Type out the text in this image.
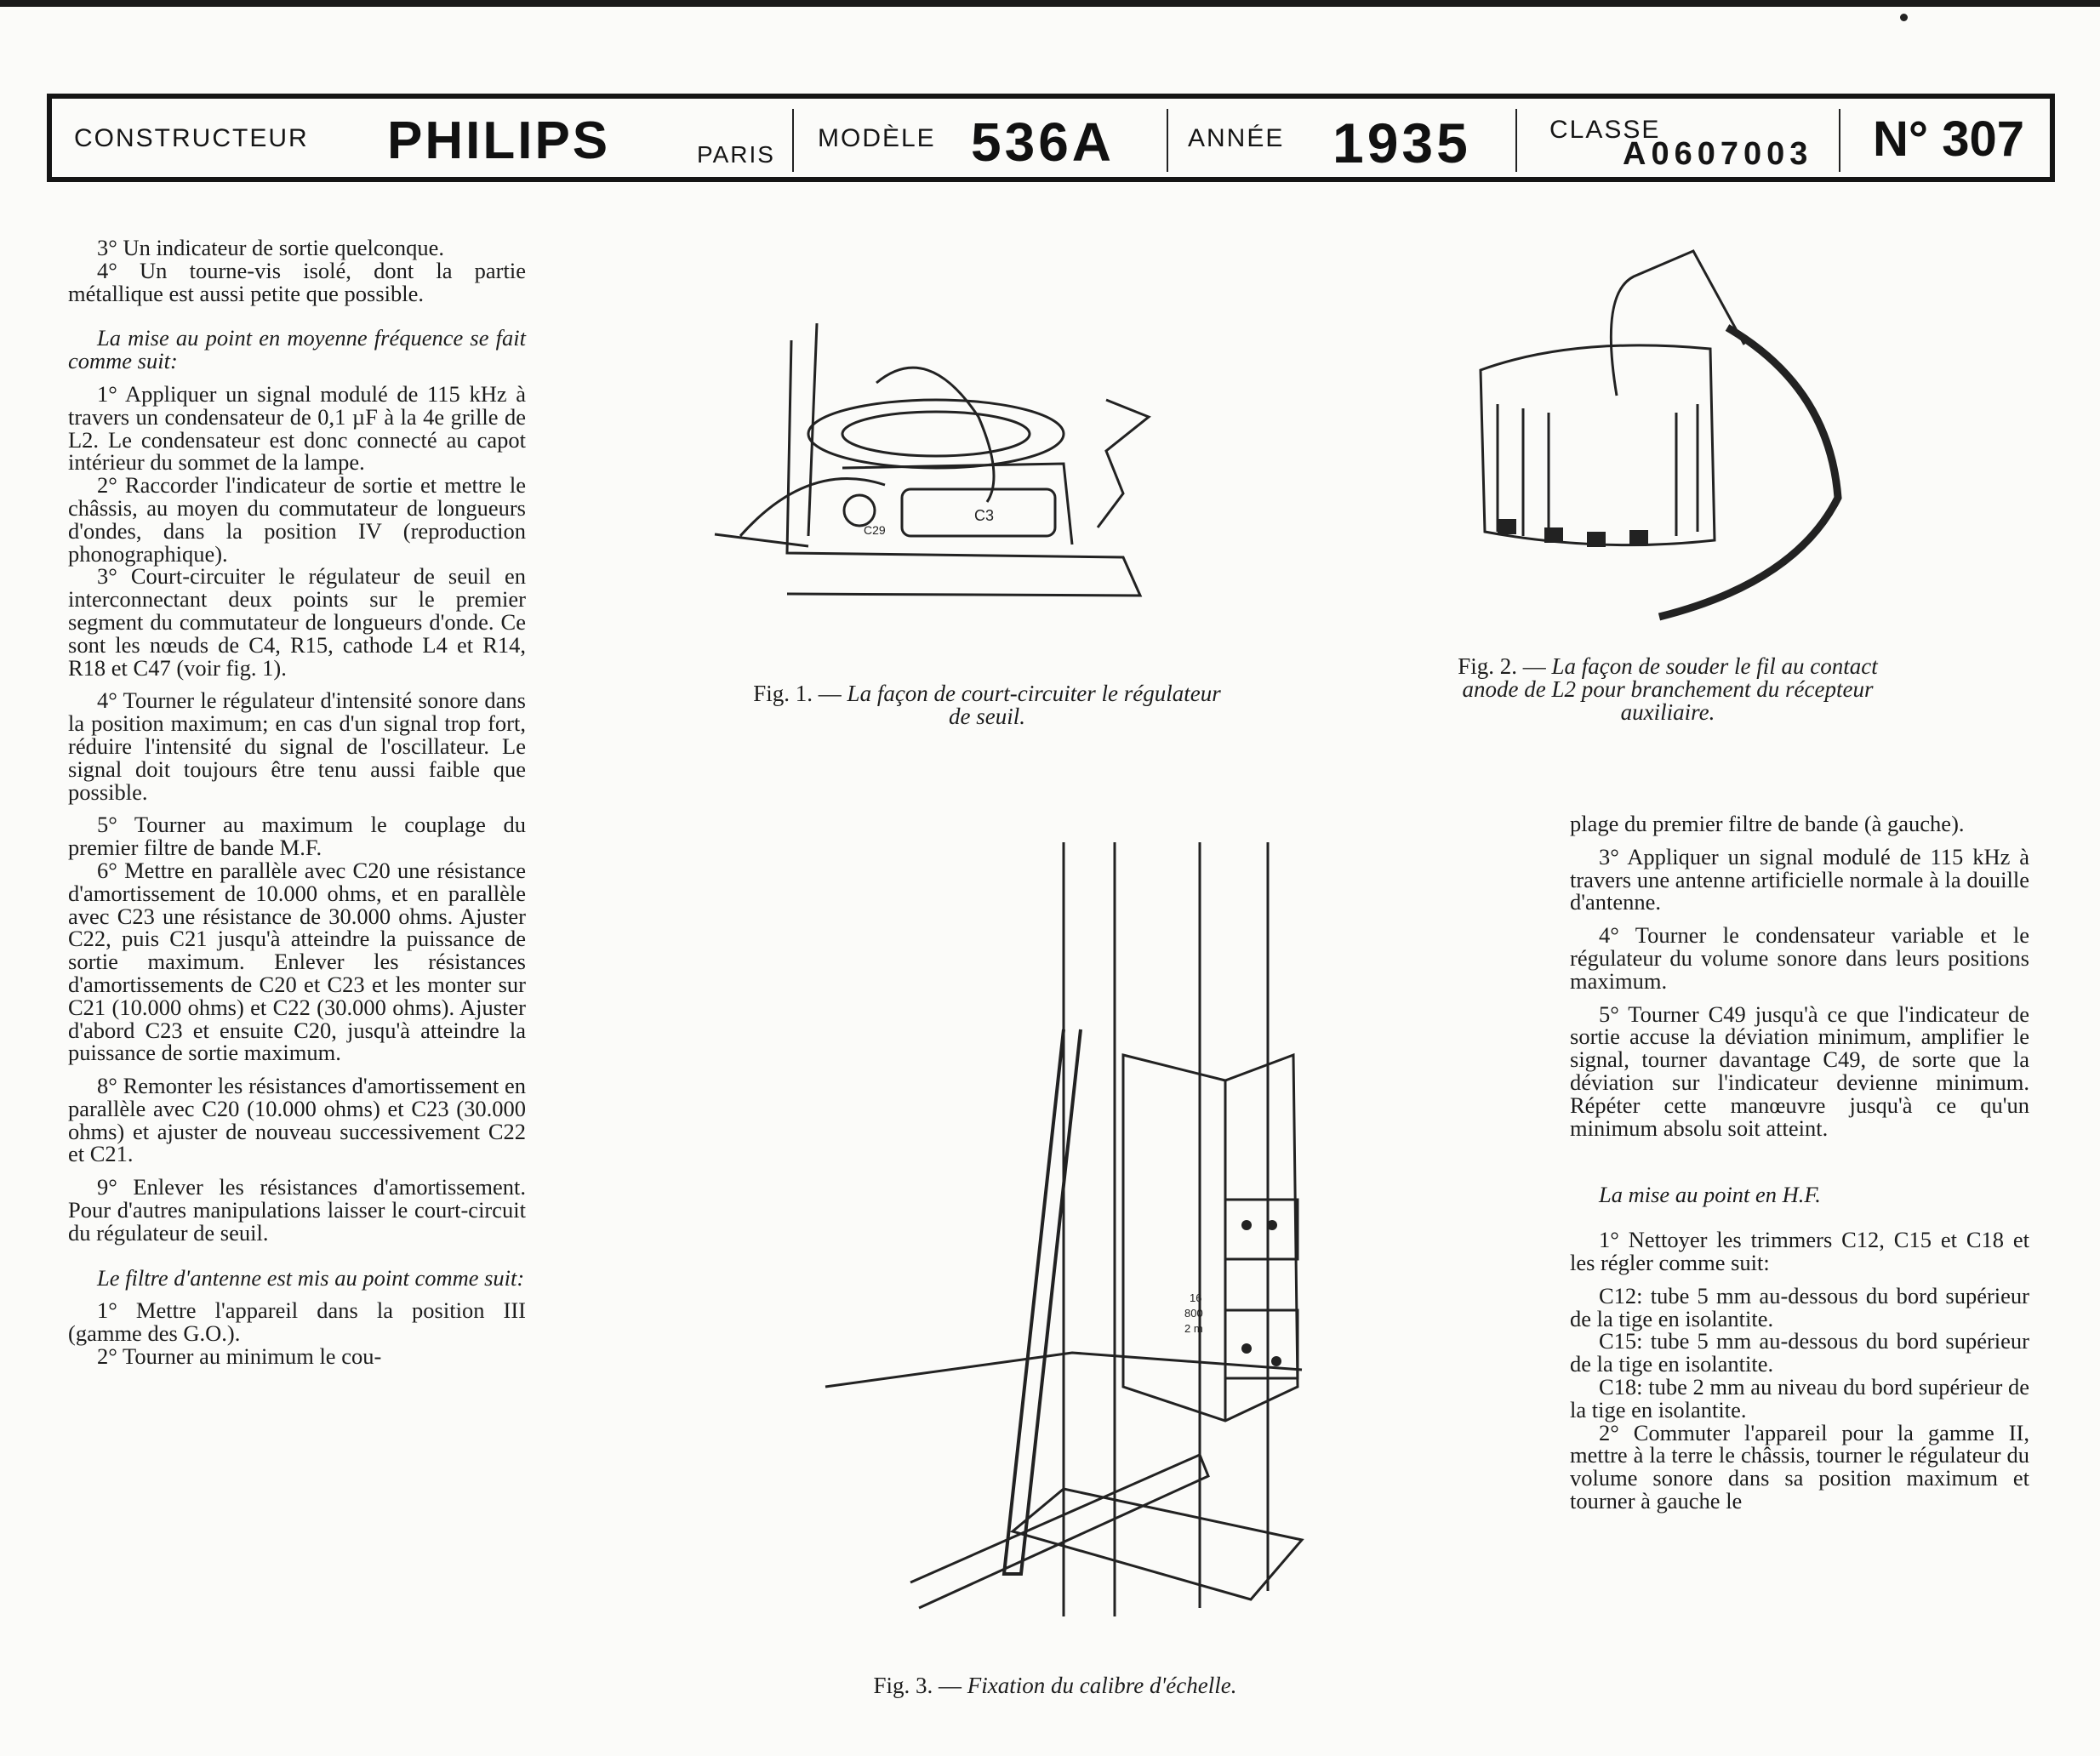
CONSTRUCTEUR PHILIPS	PARIS
MODÈLE 536A	ANNÉE 1935	CLASSE
A0607003 N° 307

3° Un indicateur de sortie quelconque.

4° Un tourne-vis isolé, dont la partie métallique est aussi petite que possible.

La mise au point en moyenne fréquence se fait comme suit:

1° Appliquer un signal modulé de 115 kHz à travers un condensateur de 0,1 µF à la 4e grille de L2. Le condensateur est donc connecté au capot intérieur du sommet de la lampe.

2° Raccorder l'indicateur de sortie et mettre le châssis, au moyen du commutateur de longueurs d'ondes, dans la position IV (reproduction phonographique).

3° Court-circuiter le régulateur de seuil en interconnectant deux points sur le premier segment du commutateur de longueurs d'onde. Ce sont les nœuds de C4, R15, cathode L4 et R14, R18 et C47 (voir fig. 1).

4° Tourner le régulateur d'intensité sonore dans la position maximum; en cas d'un signal trop fort, réduire l'intensité du signal de l'oscillateur. Le signal doit toujours être tenu aussi faible que possible.

5° Tourner au maximum le couplage du premier filtre de bande M.F.

6° Mettre en parallèle avec C20 une résistance d'amortissement de 10.000 ohms, et en parallèle avec C23 une résistance de 30.000 ohms. Ajuster C22, puis C21 jusqu'à atteindre la puissance de sortie maximum. Enlever les résistances d'amortissements de C20 et C23 et les monter sur C21 (10.000 ohms) et C22 (30.000 ohms). Ajuster d'abord C23 et ensuite C20, jusqu'à atteindre la puissance de sortie maximum.

8° Remonter les résistances d'amortissement en parallèle avec C20 (10.000 ohms) et C23 (30.000 ohms) et ajuster de nouveau successivement C22 et C21.

9° Enlever les résistances d'amortissement. Pour d'autres manipulations laisser le court-circuit du régulateur de seuil.

Le filtre d'antenne est mis au point comme suit:

1° Mettre l'appareil dans la position III (gamme des G.O.).

2° Tourner au minimum le cou-

plage du premier filtre de bande (à gauche).

3° Appliquer un signal modulé de 115 kHz à travers une antenne artificielle normale à la douille d'antenne.

4° Tourner le condensateur variable et le régulateur du volume sonore dans leurs positions maximum.

5° Tourner C49 jusqu'à ce que l'indicateur de sortie accuse la déviation minimum, amplifier le signal, tourner davantage C49, de sorte que la déviation sur l'indicateur devienne minimum. Répéter cette manœuvre jusqu'à ce qu'un minimum absolu soit atteint.

La mise au point en H.F.

1° Nettoyer les trimmers C12, C15 et C18 et les régler comme suit:

C12: tube 5 mm au-dessous du bord supérieur de la tige en isolantite.

C15: tube 5 mm au-dessous du bord supérieur de la tige en isolantite.

C18: tube 2 mm au niveau du bord supérieur de la tige en isolantite.

2° Commuter l'appareil pour la gamme II, mettre à la terre le châssis, tourner le régulateur du volume sonore dans sa position maximum et tourner à gauche le

C3
C29
Fig. 1. — La façon de court-circuiter le régulateur de seuil.
Fig. 2. — La façon de souder le fil au contact anode de L2 pour branchement du récepteur auxiliaire.
16
800
2 m
Fig. 3. — Fixation du calibre d'échelle.
